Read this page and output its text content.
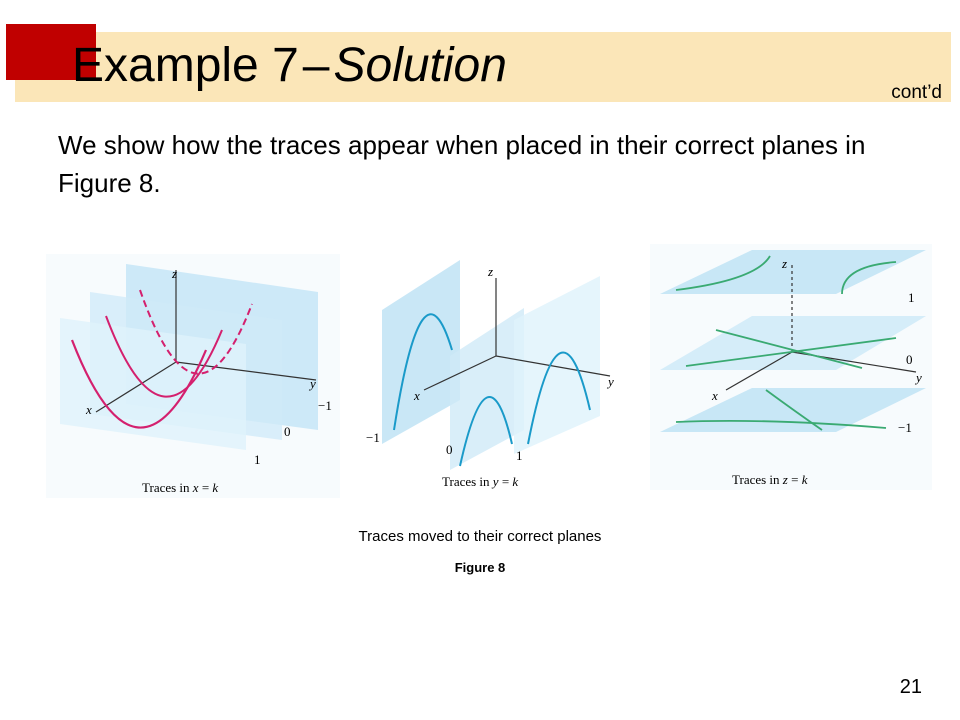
Example 7–Solution
cont’d
We show how the traces appear when placed in their correct planes in Figure 8.
z
y
x	−1
0
1
Traces in x = k
z
y
x
−1
0	1
Traces in y = k
z
y
x
1
0
−1
Traces in z = k
Traces moved to their correct planes
Figure 8
21
